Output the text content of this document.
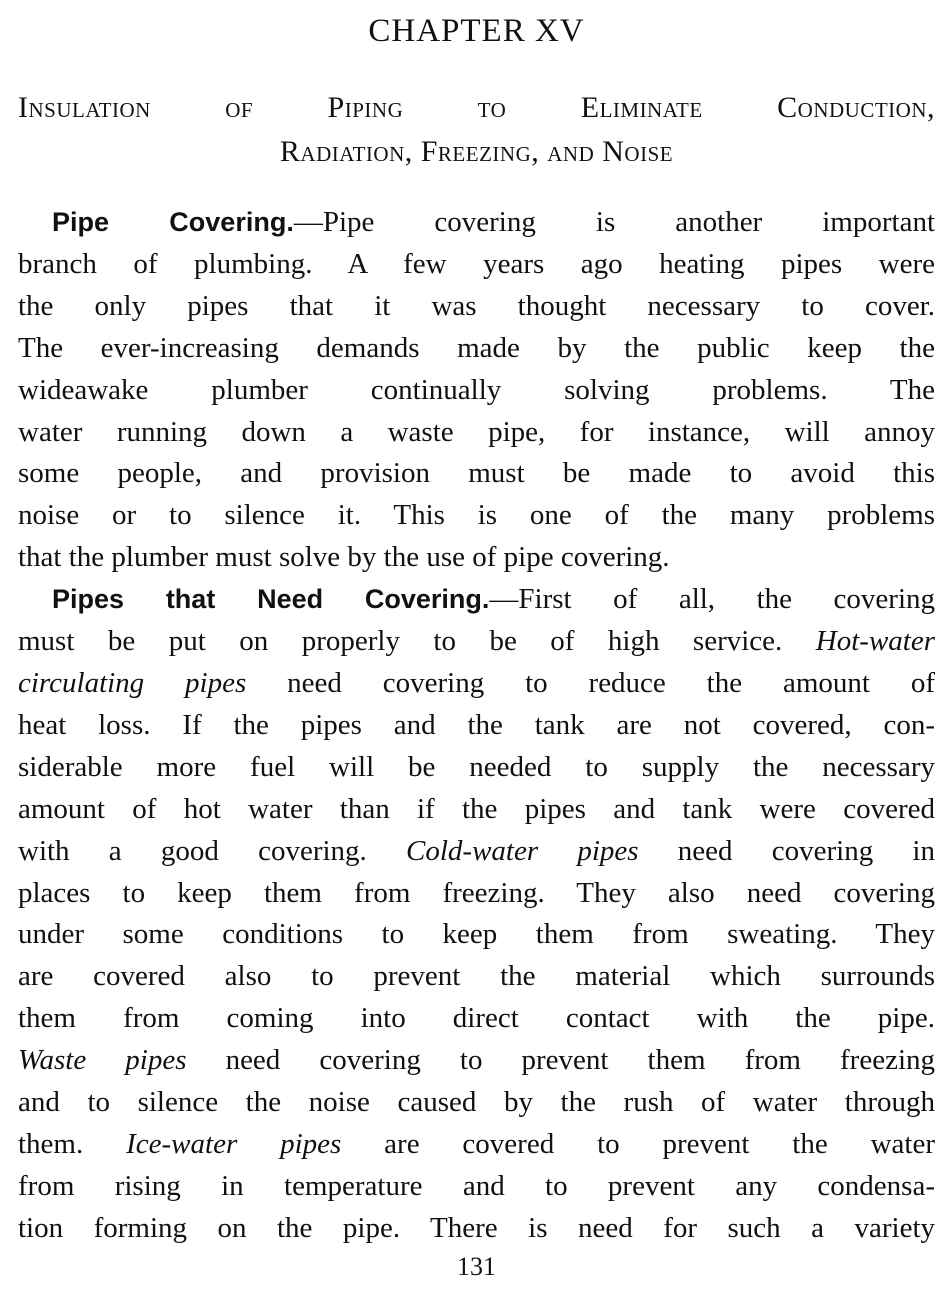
CHAPTER XV
Insulation of Piping to Eliminate Conduction,
Radiation, Freezing, and Noise
Pipe Covering.—Pipe covering is another important
branch of plumbing. A few years ago heating pipes were
the only pipes that it was thought necessary to cover.
The ever-increasing demands made by the public keep the
wideawake plumber continually solving problems. The
water running down a waste pipe, for instance, will annoy
some people, and provision must be made to avoid this
noise or to silence it. This is one of the many problems
that the plumber must solve by the use of pipe covering.
Pipes that Need Covering.—First of all, the covering
must be put on properly to be of high service. Hot-water
circulating pipes need covering to reduce the amount of
heat loss. If the pipes and the tank are not covered, con-
siderable more fuel will be needed to supply the necessary
amount of hot water than if the pipes and tank were covered
with a good covering. Cold-water pipes need covering in
places to keep them from freezing. They also need covering
under some conditions to keep them from sweating. They
are covered also to prevent the material which surrounds
them from coming into direct contact with the pipe.
Waste pipes need covering to prevent them from freezing
and to silence the noise caused by the rush of water through
them. Ice-water pipes are covered to prevent the water
from rising in temperature and to prevent any condensa-
tion forming on the pipe. There is need for such a variety
131
